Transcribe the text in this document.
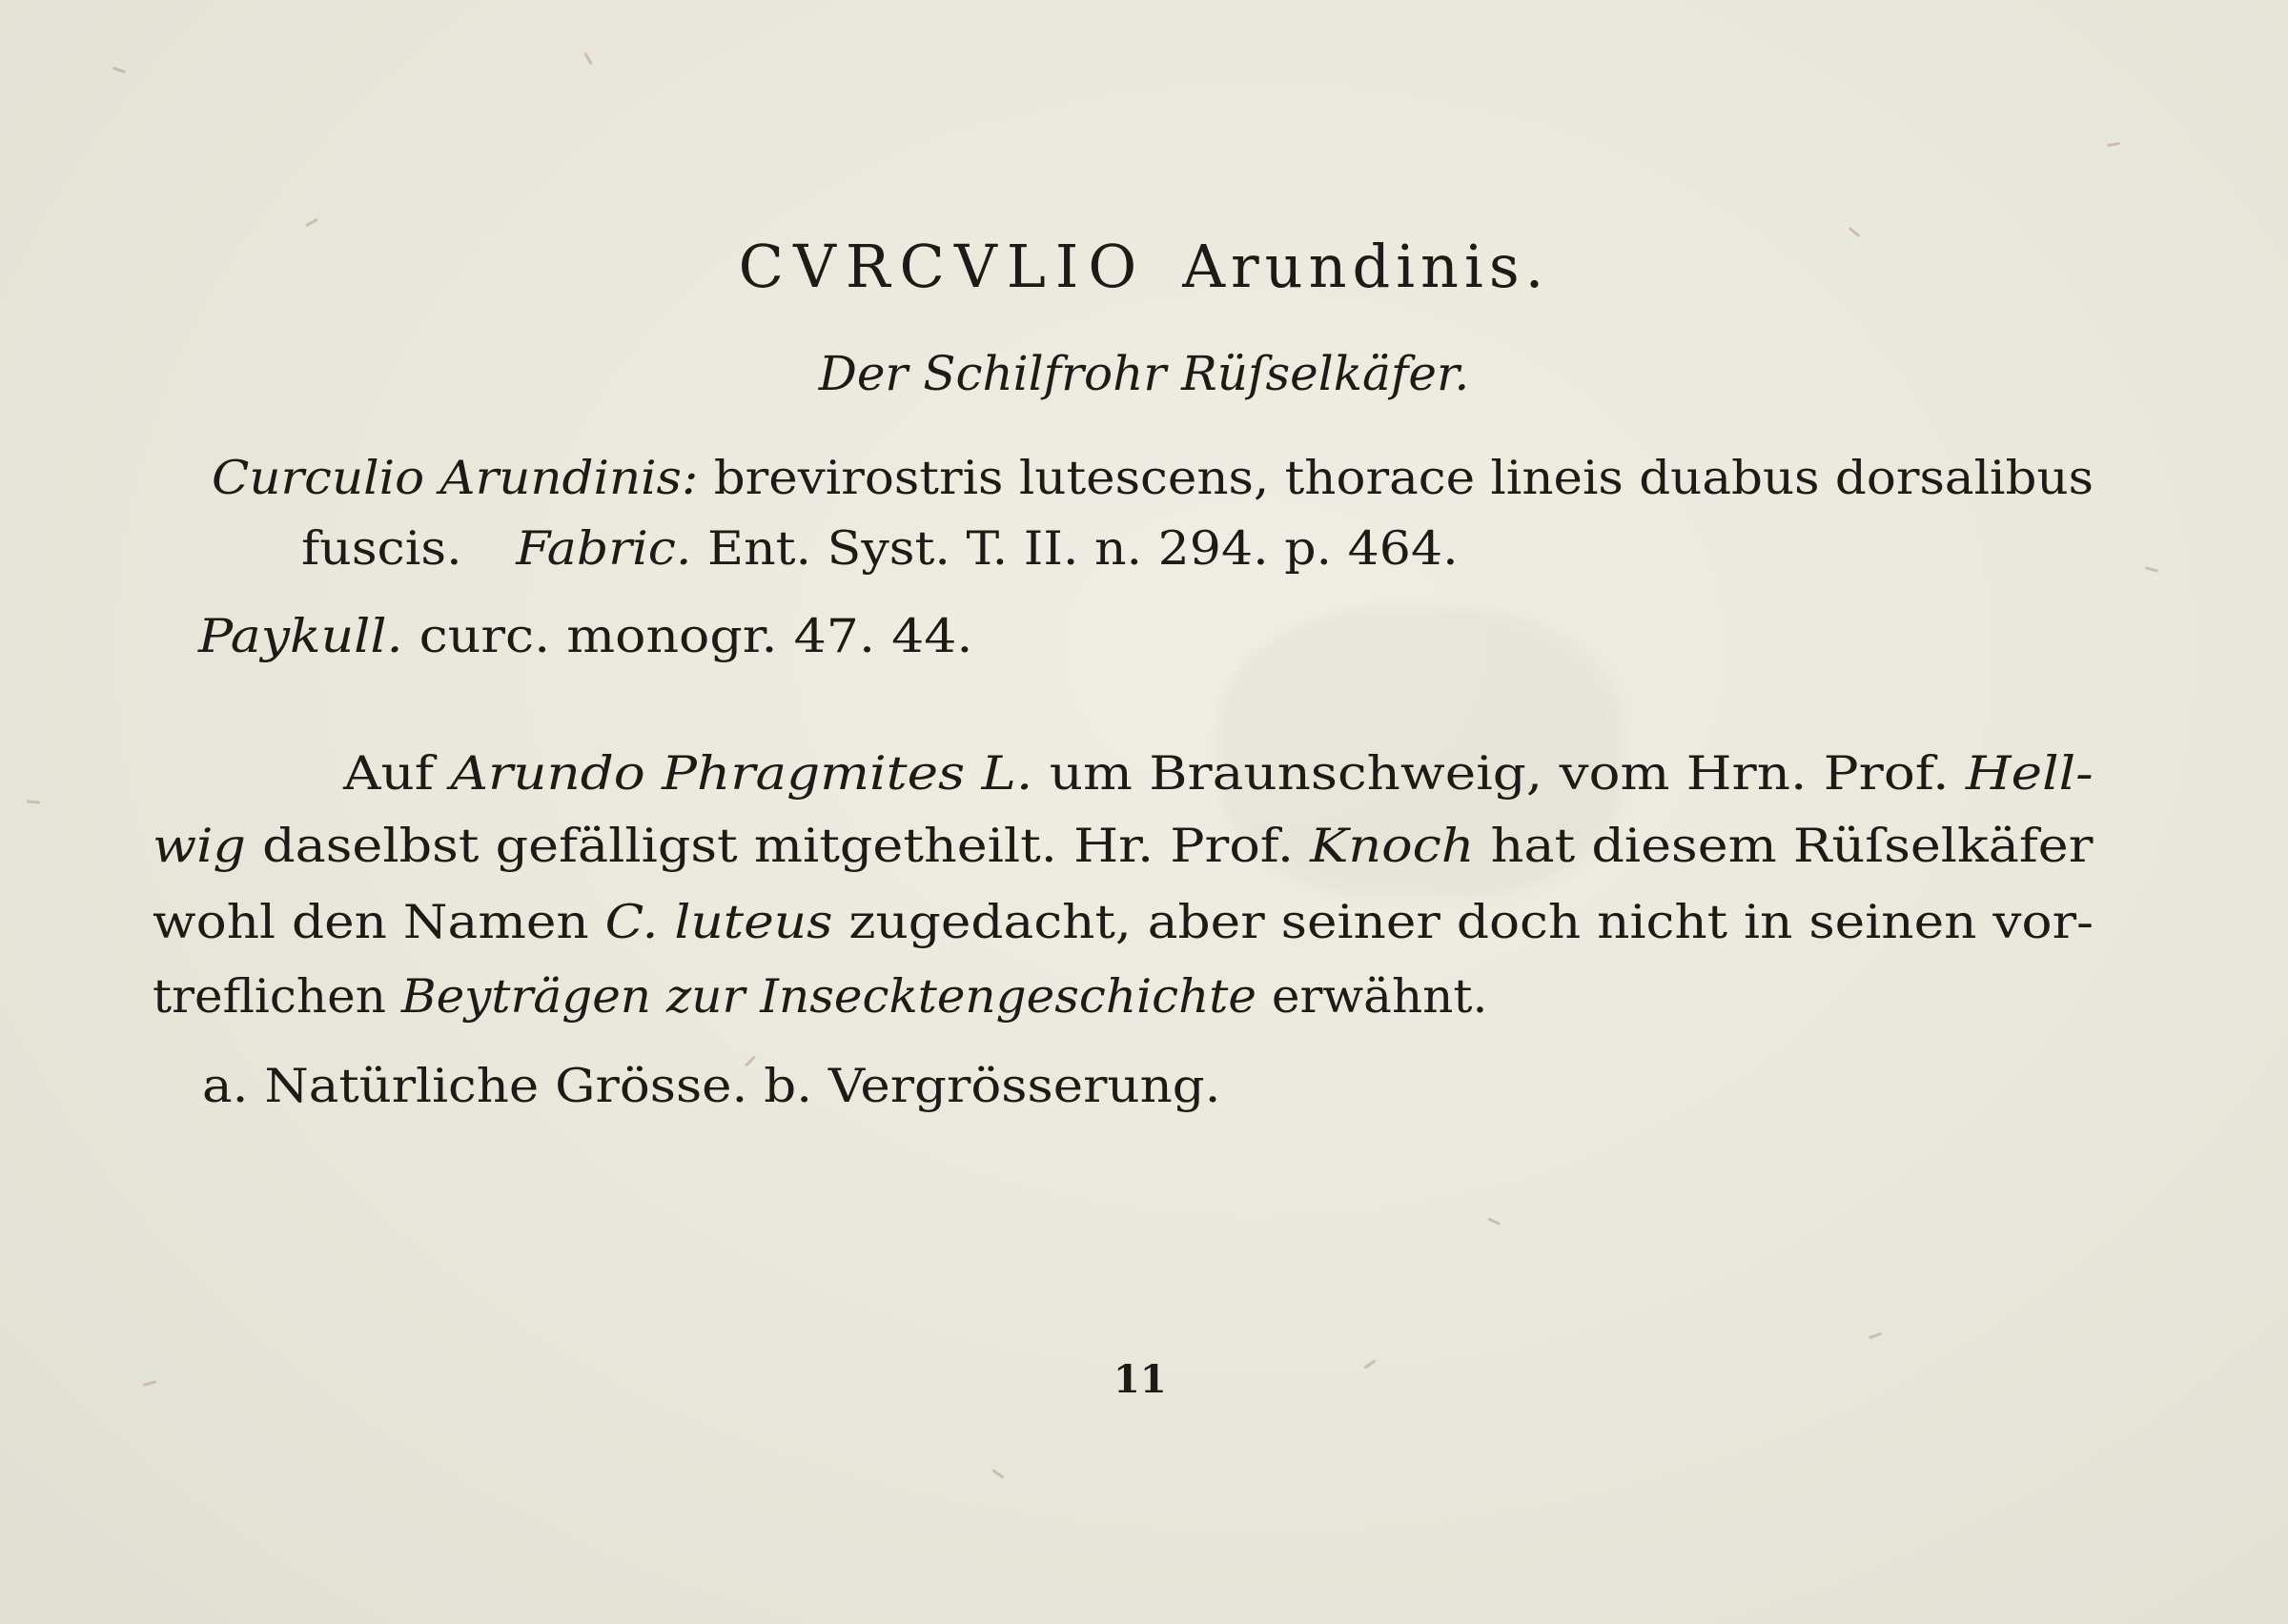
CVRCVLIO Arundinis.
Der Schilfrohr Rüſselkäfer.
Curculio Arundinis: brevirostris lutescens, thorace lineis duabus dorsalibus
fuscis. Fabric. Ent. Syst. T. II. n. 294. p. 464.
Paykull. curc. monogr. 47. 44.
Auf Arundo Phragmites L. um Braunschweig, vom Hrn. Prof. Hell-
wig daselbst gefälligst mitgetheilt. Hr. Prof. Knoch hat diesem Rüſselkäfer
wohl den Namen C. luteus zugedacht, aber seiner doch nicht in seinen vor-
treflichen Beyträgen zur Insecktengeschichte erwähnt.
a. Natürliche Grösse. b. Vergrösserung.
11
